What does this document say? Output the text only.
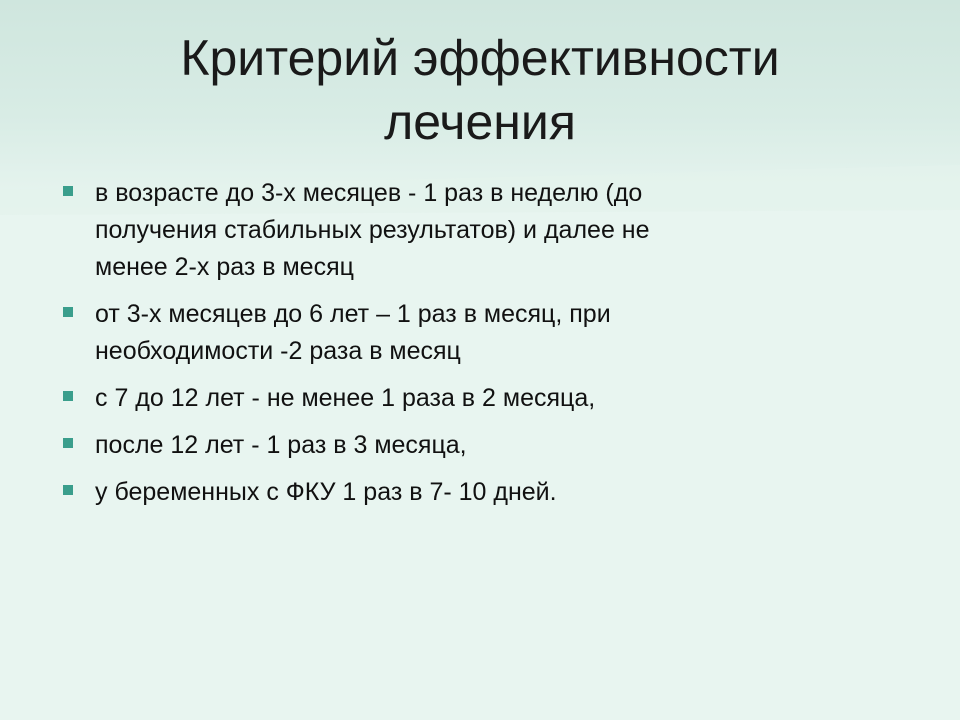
Критерий эффективности
лечения
в возрасте до 3-х месяцев - 1 раз в неделю (до
получения стабильных результатов) и далее не
менее 2-х раз в месяц
от 3-х месяцев до 6 лет – 1 раз в месяц, при
необходимости -2 раза в месяц
с 7 до 12 лет - не менее 1 раза в 2 месяца,
после 12 лет - 1 раз в 3 месяца,
у беременных с ФКУ 1 раз в 7- 10 дней.
